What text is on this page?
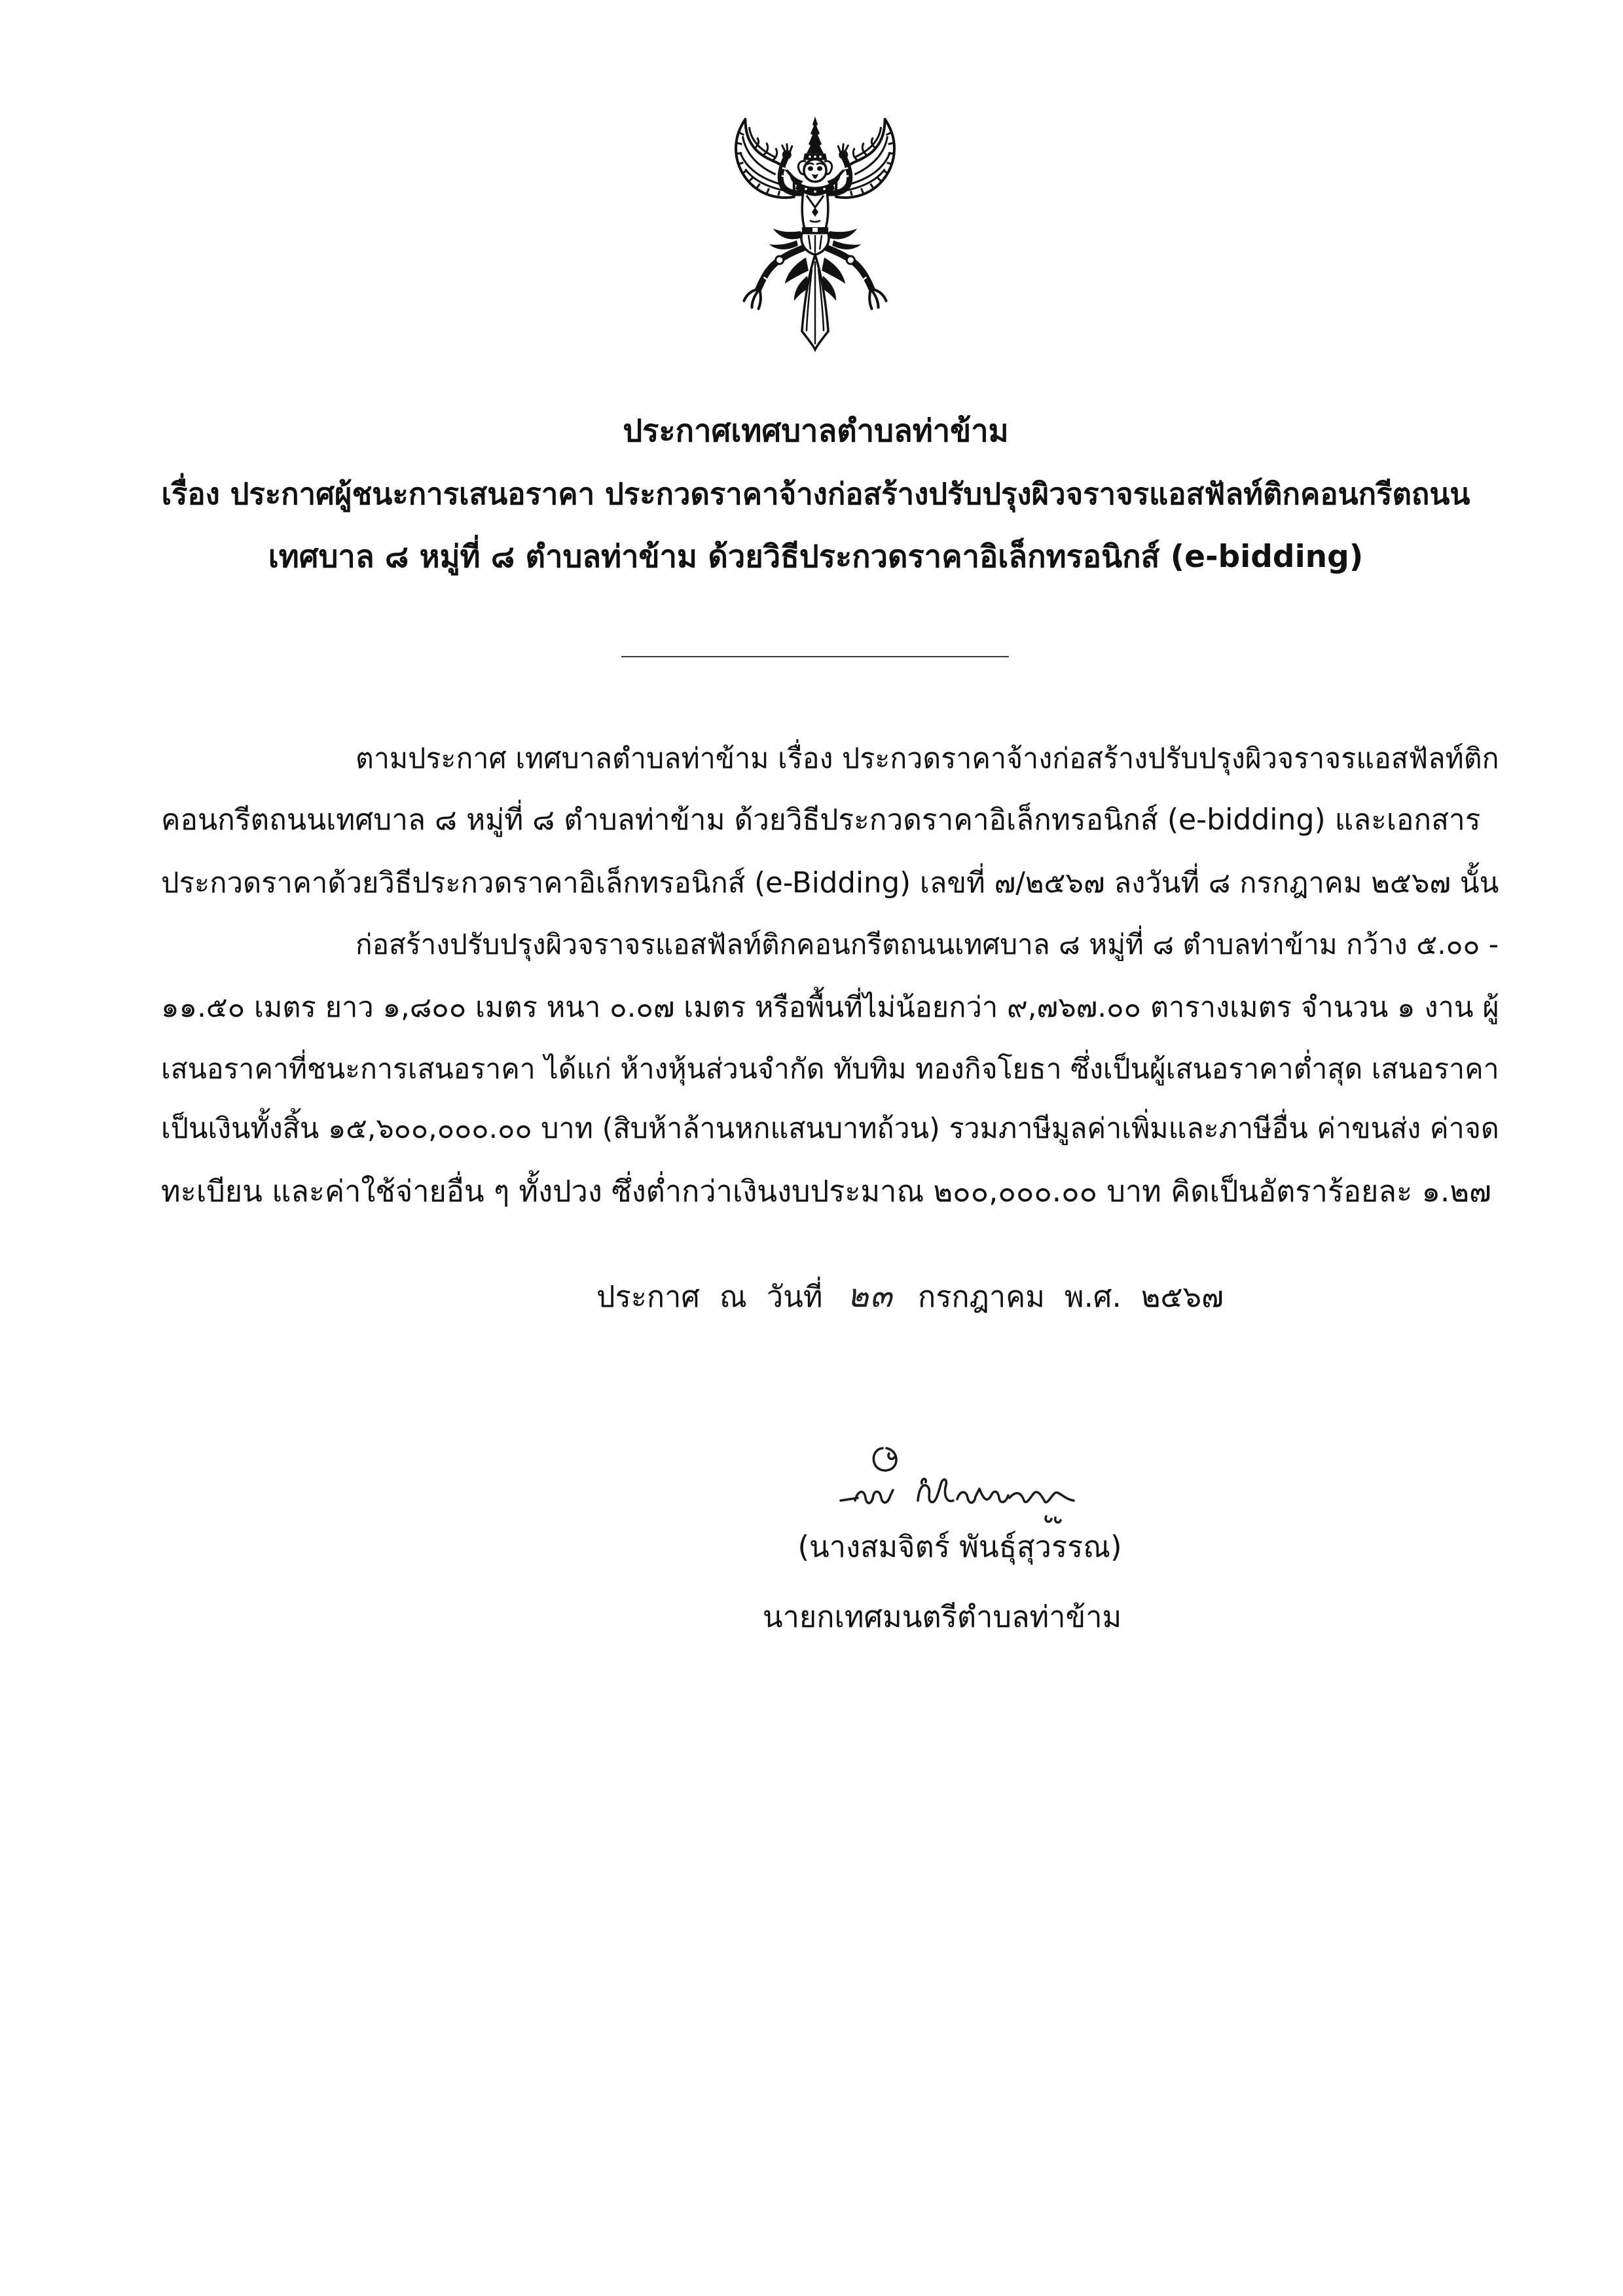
ประกาศเทศบาลตำบลท่าข้าม
เรื่อง ประกาศผู้ชนะการเสนอราคา ประกวดราคาจ้างก่อสร้างปรับปรุงผิวจราจรแอสฟัลท์ติกคอนกรีตถนน
เทศบาล ๘ หมู่ที่ ๘ ตำบลท่าข้าม ด้วยวิธีประกวดราคาอิเล็กทรอนิกส์ (e-bidding)
ตามประกาศ เทศบาลตำบลท่าข้าม เรื่อง ประกวดราคาจ้างก่อสร้างปรับปรุงผิวจราจรแอสฟัลท์ติก
คอนกรีตถนนเทศบาล ๘ หมู่ที่ ๘ ตำบลท่าข้าม ด้วยวิธีประกวดราคาอิเล็กทรอนิกส์ (e-bidding) และเอกสาร
ประกวดราคาด้วยวิธีประกวดราคาอิเล็กทรอนิกส์ (e-Bidding) เลขที่ ๗/๒๕๖๗ ลงวันที่ ๘ กรกฎาคม ๒๕๖๗ นั้น
ก่อสร้างปรับปรุงผิวจราจรแอสฟัลท์ติกคอนกรีตถนนเทศบาล ๘ หมู่ที่ ๘ ตำบลท่าข้าม กว้าง ๕.๐๐ -
๑๑.๕๐ เมตร ยาว ๑,๘๐๐ เมตร หนา ๐.๐๗ เมตร หรือพื้นที่ไม่น้อยกว่า ๙,๗๖๗.๐๐ ตารางเมตร จำนวน ๑ งาน ผู้
เสนอราคาที่ชนะการเสนอราคา ได้แก่ ห้างหุ้นส่วนจำกัด ทับทิม ทองกิจโยธา ซึ่งเป็นผู้เสนอราคาต่ำสุด เสนอราคา
เป็นเงินทั้งสิ้น ๑๕,๖๐๐,๐๐๐.๐๐ บาท (สิบห้าล้านหกแสนบาทถ้วน) รวมภาษีมูลค่าเพิ่มและภาษีอื่น ค่าขนส่ง ค่าจด
ทะเบียน และค่าใช้จ่ายอื่น ๆ ทั้งปวง ซึ่งต่ำกว่าเงินงบประมาณ ๒๐๐,๐๐๐.๐๐ บาท คิดเป็นอัตราร้อยละ ๑.๒๗
ประกาศ ณ วันที่ ๒๓ กรกฎาคม พ.ศ. ๒๕๖๗
(นางสมจิตร์ พันธุ์สุวรรณ)
นายกเทศมนตรีตำบลท่าข้าม
